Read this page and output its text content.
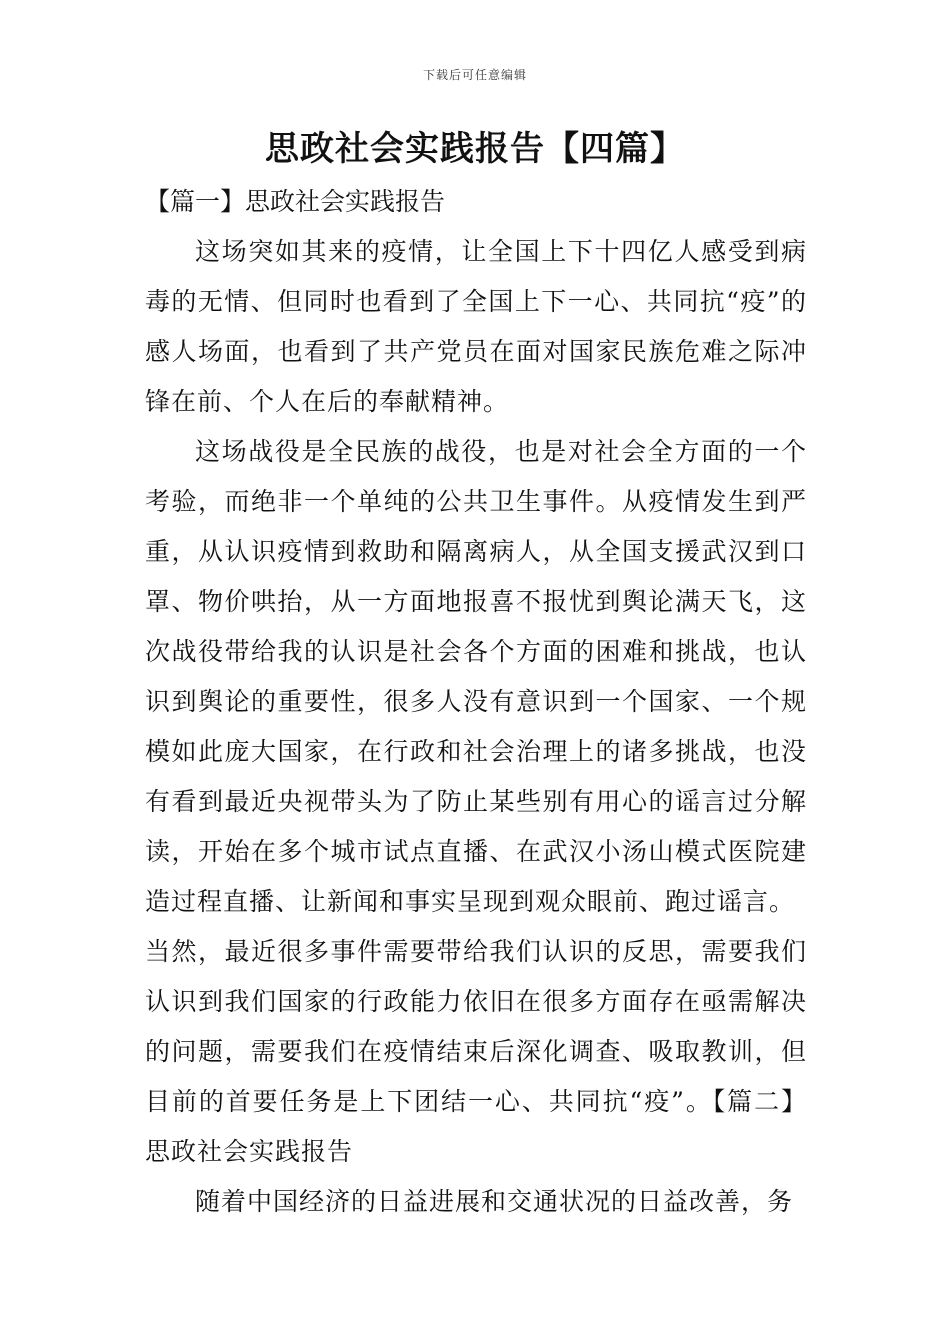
下载后可任意编辑
思政社会实践报告【四篇】
【篇一】思政社会实践报告

这场突如其来的疫情，让全国上下十四亿人感受到病毒的无情、但同时也看到了全国上下一心、共同抗“疫”的感人场面，也看到了共产党员在面对国家民族危难之际冲锋在前、个人在后的奉献精神。

这场战役是全民族的战役，也是对社会全方面的一个考验，而绝非一个单纯的公共卫生事件。从疫情发生到严重，从认识疫情到救助和隔离病人，从全国支援武汉到口罩、物价哄抬，从一方面地报喜不报忧到舆论满天飞，这次战役带给我的认识是社会各个方面的困难和挑战，也认识到舆论的重要性，很多人没有意识到一个国家、一个规模如此庞大国家，在行政和社会治理上的诸多挑战，也没有看到最近央视带头为了防止某些别有用心的谣言过分解读，开始在多个城市试点直播、在武汉小汤山模式医院建造过程直播、让新闻和事实呈现到观众眼前、跑过谣言。

当然，最近很多事件需要带给我们认识的反思，需要我们认识到我们国家的行政能力依旧在很多方面存在亟需解决的问题，需要我们在疫情结束后深化调查、吸取教训，但目前的首要任务是上下团结一心、共同抗“疫”。【篇二】思政社会实践报告

随着中国经济的日益进展和交通状况的日益改善，务
